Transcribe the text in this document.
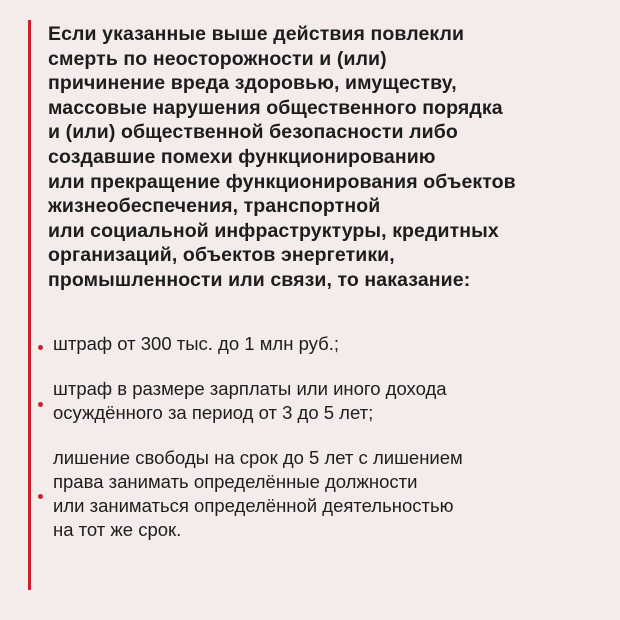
Если указанные выше действия повлекли
смерть по неосторожности и (или)
причинение вреда здоровью, имуществу,
массовые нарушения общественного порядка
и (или) общественной безопасности либо
создавшие помехи функционированию
или прекращение функционирования объектов
жизнеобеспечения, транспортной
или социальной инфраструктуры, кредитных
организаций, объектов энергетики,
промышленности или связи, то наказание:
штраф от 300 тыс. до 1 млн руб.;
штраф в размере зарплаты или иного дохода
осуждённого за период от 3 до 5 лет;
лишение свободы на срок до 5 лет с лишением
права занимать определённые должности
или заниматься определённой деятельностью
на тот же срок.
